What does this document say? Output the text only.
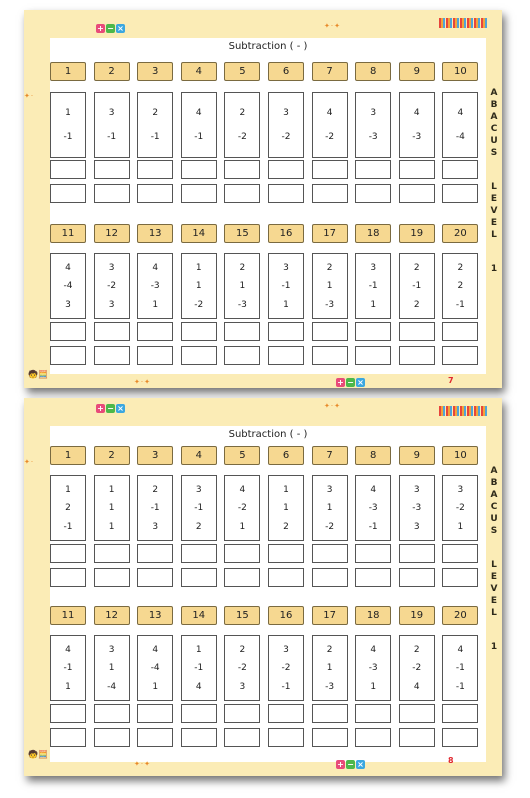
+ − ×	✦·✦
✦·
Subtraction ( - )
1
1
-1
2
3
-1
3
2
-1
4
4
-1
5
2
-2
6
3
-2
7
4
-2
8
3
-3
9
4
-3
10
4
-4
11
4
-4
3
12
3
-2
3
13
4
-3
1
14
1
1
-2
15
2
1
-3
16
3
-1
1
17
2
1
-3
18
3
-1
1
19
2
-1
2
20
2
2
-1
A
B
A
C
U
S
L
E
V
E
L
1
🧒🧮
✦·✦	+ − ×	7
+ − ×	✦·✦
✦·
Subtraction ( - )
1
1
2
-1
2
1
1
1
3
2
-1
3
4
3
-1
2
5
4
-2
1
6
1
1
2
7
3
1
-2
8
4
-3
-1
9
3
-3
3
10
3
-2
1
11
4
-1
1
12
3
1
-4
13
4
-4
1
14
1
-1
4
15
2
-2
3
16
3
-2
-1
17
2
1
-3
18
4
-3
1
19
2
-2
4
20
4
-1
-1
A
B
A
C
U
S
L
E
V
E
L
1
🧒🧮
✦·✦	+ − ×	8
